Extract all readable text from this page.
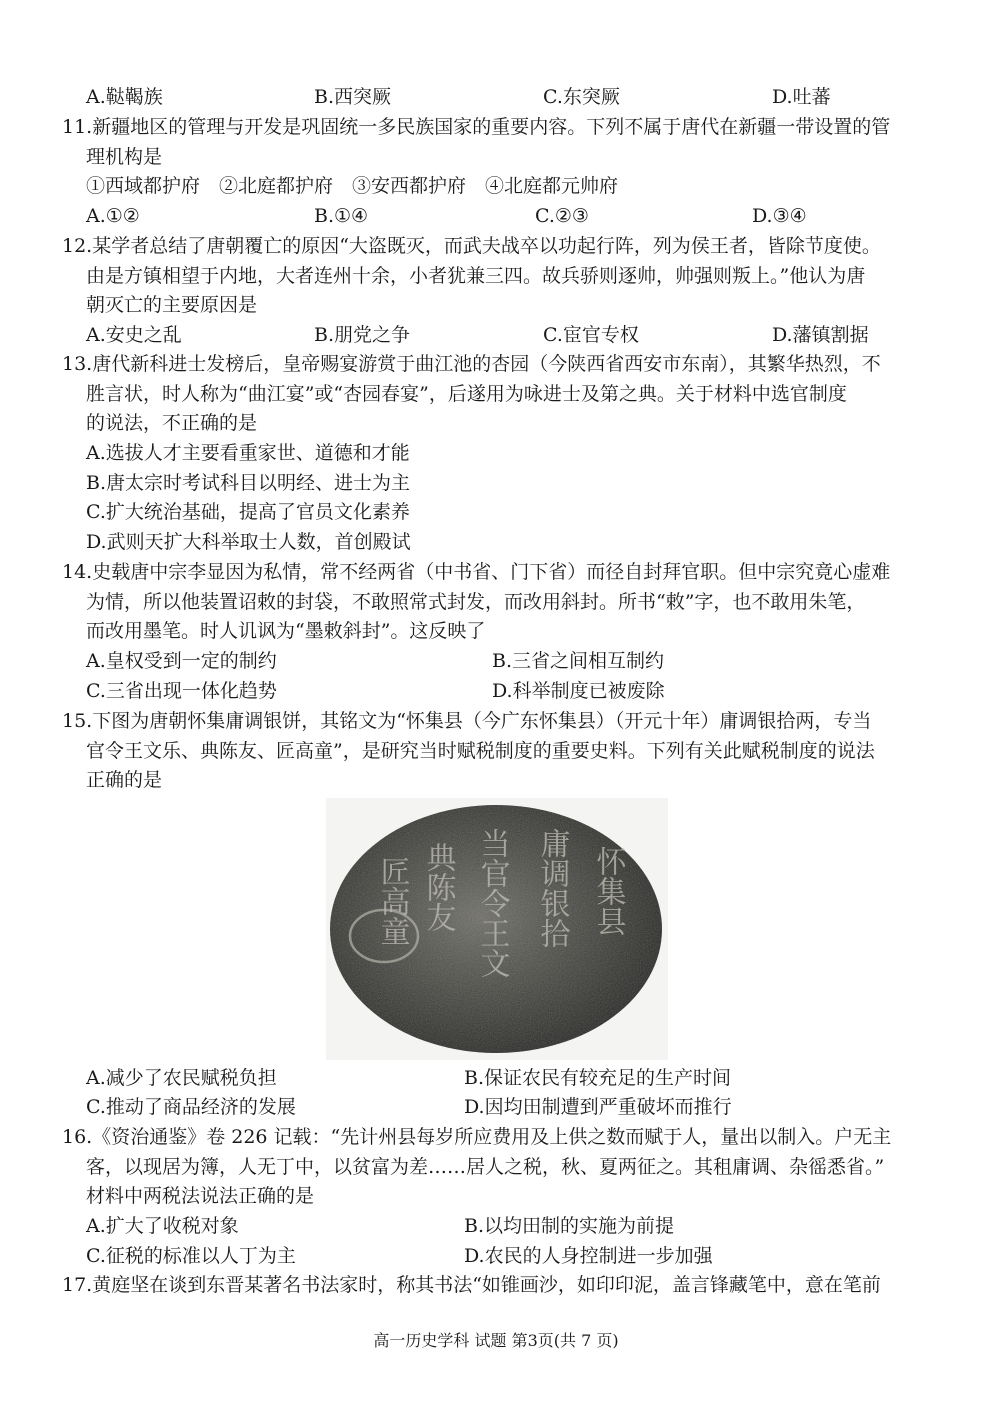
A.鞑鞨族	B.西突厥	C.东突厥	D.吐蕃
11.新疆地区的管理与开发是巩固统一多民族国家的重要内容。下列不属于唐代在新疆一带设置的管
理机构是
①西域都护府　②北庭都护府　③安西都护府　④北庭都元帅府
A.①②	B.①④	C.②③	D.③④
12.某学者总结了唐朝覆亡的原因“大盗既灭，而武夫战卒以功起行阵，列为侯王者，皆除节度使。
由是方镇相望于内地，大者连州十余，小者犹兼三四。故兵骄则逐帅，帅强则叛上。”他认为唐
朝灭亡的主要原因是
A.安史之乱	B.朋党之争	C.宦官专权	D.藩镇割据
13.唐代新科进士发榜后，皇帝赐宴游赏于曲江池的杏园（今陕西省西安市东南），其繁华热烈，不
胜言状，时人称为“曲江宴”或“杏园春宴”，后遂用为咏进士及第之典。关于材料中选官制度
的说法，不正确的是
A.选拔人才主要看重家世、道德和才能
B.唐太宗时考试科目以明经、进士为主
C.扩大统治基础，提高了官员文化素养
D.武则天扩大科举取士人数，首创殿试
14.史载唐中宗李显因为私情，常不经两省（中书省、门下省）而径自封拜官职。但中宗究竟心虚难
为情，所以他装置诏敕的封袋，不敢照常式封发，而改用斜封。所书“敕”字，也不敢用朱笔，
而改用墨笔。时人讥讽为“墨敕斜封”。这反映了
A.皇权受到一定的制约	B.三省之间相互制约
C.三省出现一体化趋势	D.科举制度已被废除
15.下图为唐朝怀集庸调银饼，其铭文为“怀集县（今广东怀集县）（开元十年）庸调银拾两，专当
官令王文乐、典陈友、匠高童”，是研究当时赋税制度的重要史料。下列有关此赋税制度的说法
正确的是
怀集县
庸调银拾
当官令王文
典陈友
匠高童
A.减少了农民赋税负担	B.保证农民有较充足的生产时间
C.推动了商品经济的发展	D.因均田制遭到严重破坏而推行
16.《资治通鉴》卷 226 记载：“先计州县每岁所应费用及上供之数而赋于人，量出以制入。户无主
客，以现居为簿，人无丁中，以贫富为差……居人之税，秋、夏两征之。其租庸调、杂徭悉省。”
材料中两税法说法正确的是
A.扩大了收税对象	B.以均田制的实施为前提
C.征税的标准以人丁为主	D.农民的人身控制进一步加强
17.黄庭坚在谈到东晋某著名书法家时，称其书法“如锥画沙，如印印泥，盖言锋藏笔中，意在笔前
高一历史学科 试题 第3页(共 7 页)
